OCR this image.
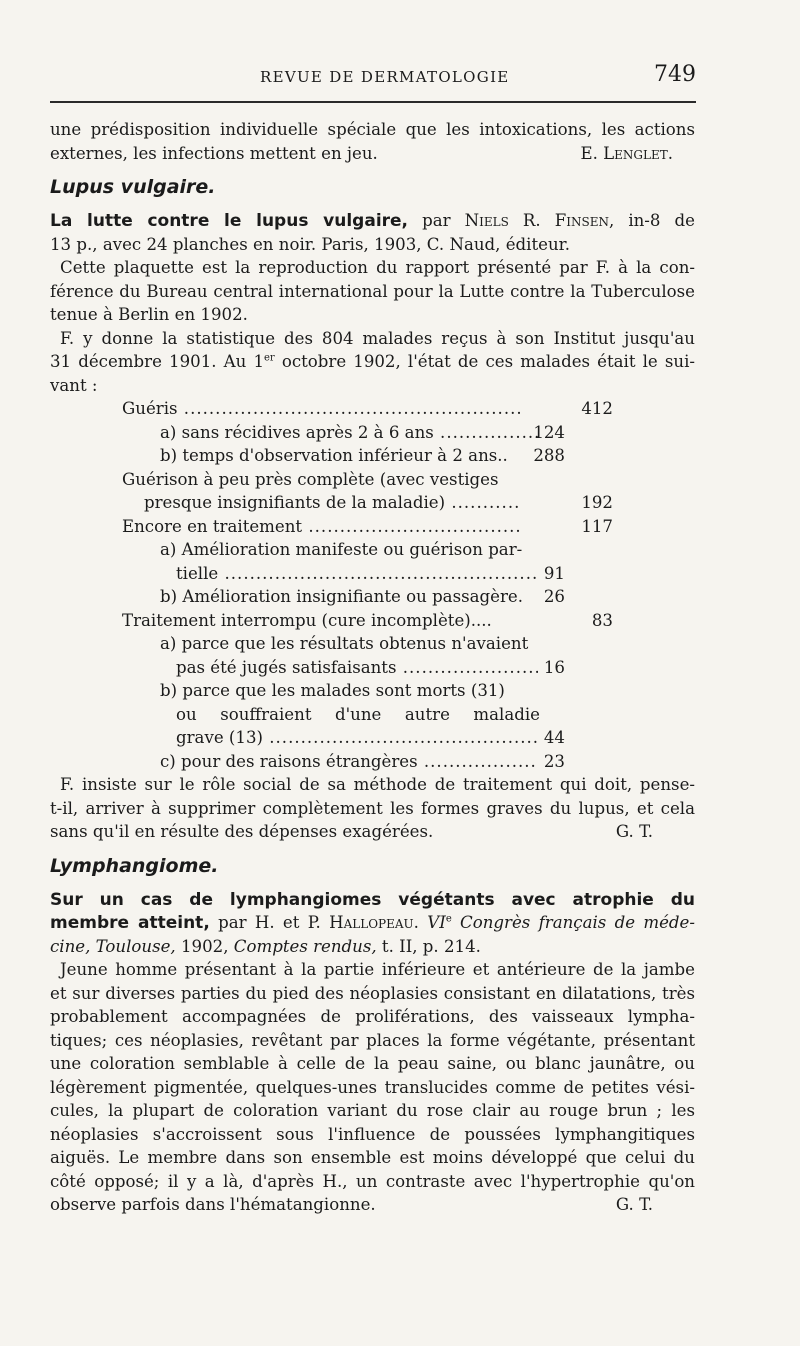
REVUE DE DERMATOLOGIE	749
une prédisposition individuelle spéciale que les intoxications, les actions
externes, les infections mettent en jeu.	E. Lenglet.
Lupus vulgaire.
La lutte contre le lupus vulgaire, par Niels R. Finsen, in-8 de
13 p., avec 24 planches en noir. Paris, 1903, C. Naud, éditeur.
Cette plaquette est la reproduction du rapport présenté par F. à la con-
férence du Bureau central international pour la Lutte contre la Tuberculose
tenue à Berlin en 1902.
F. y donne la statistique des 804 malades reçus à son Institut jusqu'au
31 décembre 1901. Au 1er octobre 1902, l'état de ces malades était le sui-
vant :
Guéris .....	412
a) sans récidives après 2 à 6 ans .....	124
b) temps d'observation inférieur à 2 ans..	288
Guérison à peu près complète (avec vestiges
presque insignifiants de la maladie) .....	192
Encore en traitement .....	117
a) Amélioration manifeste ou guérison par-
tielle .....	91
b) Amélioration insignifiante ou passagère.	26
Traitement interrompu (cure incomplète)....	83
a) parce que les résultats obtenus n'avaient
pas été jugés satisfaisants .....	16
b) parce que les malades sont morts (31)
ou souffraient d'une autre maladie
grave (13) .....	44
c) pour des raisons étrangères .....	23
F. insiste sur le rôle social de sa méthode de traitement qui doit, pense-
t-il, arriver à supprimer complètement les formes graves du lupus, et cela
sans qu'il en résulte des dépenses exagérées.	G. T.
Lymphangiome.
Sur un cas de lymphangiomes végétants avec atrophie du
membre atteint, par H. et P. Hallopeau. VIe Congrès français de méde-
cine, Toulouse, 1902, Comptes rendus, t. II, p. 214.
Jeune homme présentant à la partie inférieure et antérieure de la jambe
et sur diverses parties du pied des néoplasies consistant en dilatations, très
probablement accompagnées de proliférations, des vaisseaux lympha-
tiques; ces néoplasies, revêtant par places la forme végétante, présentant
une coloration semblable à celle de la peau saine, ou blanc jaunâtre, ou
légèrement pigmentée, quelques-unes translucides comme de petites vési-
cules, la plupart de coloration variant du rose clair au rouge brun ; les
néoplasies s'accroissent sous l'influence de poussées lymphangitiques
aiguës. Le membre dans son ensemble est moins développé que celui du
côté opposé; il y a là, d'après H., un contraste avec l'hypertrophie qu'on
observe parfois dans l'hématangionne.	G. T.
